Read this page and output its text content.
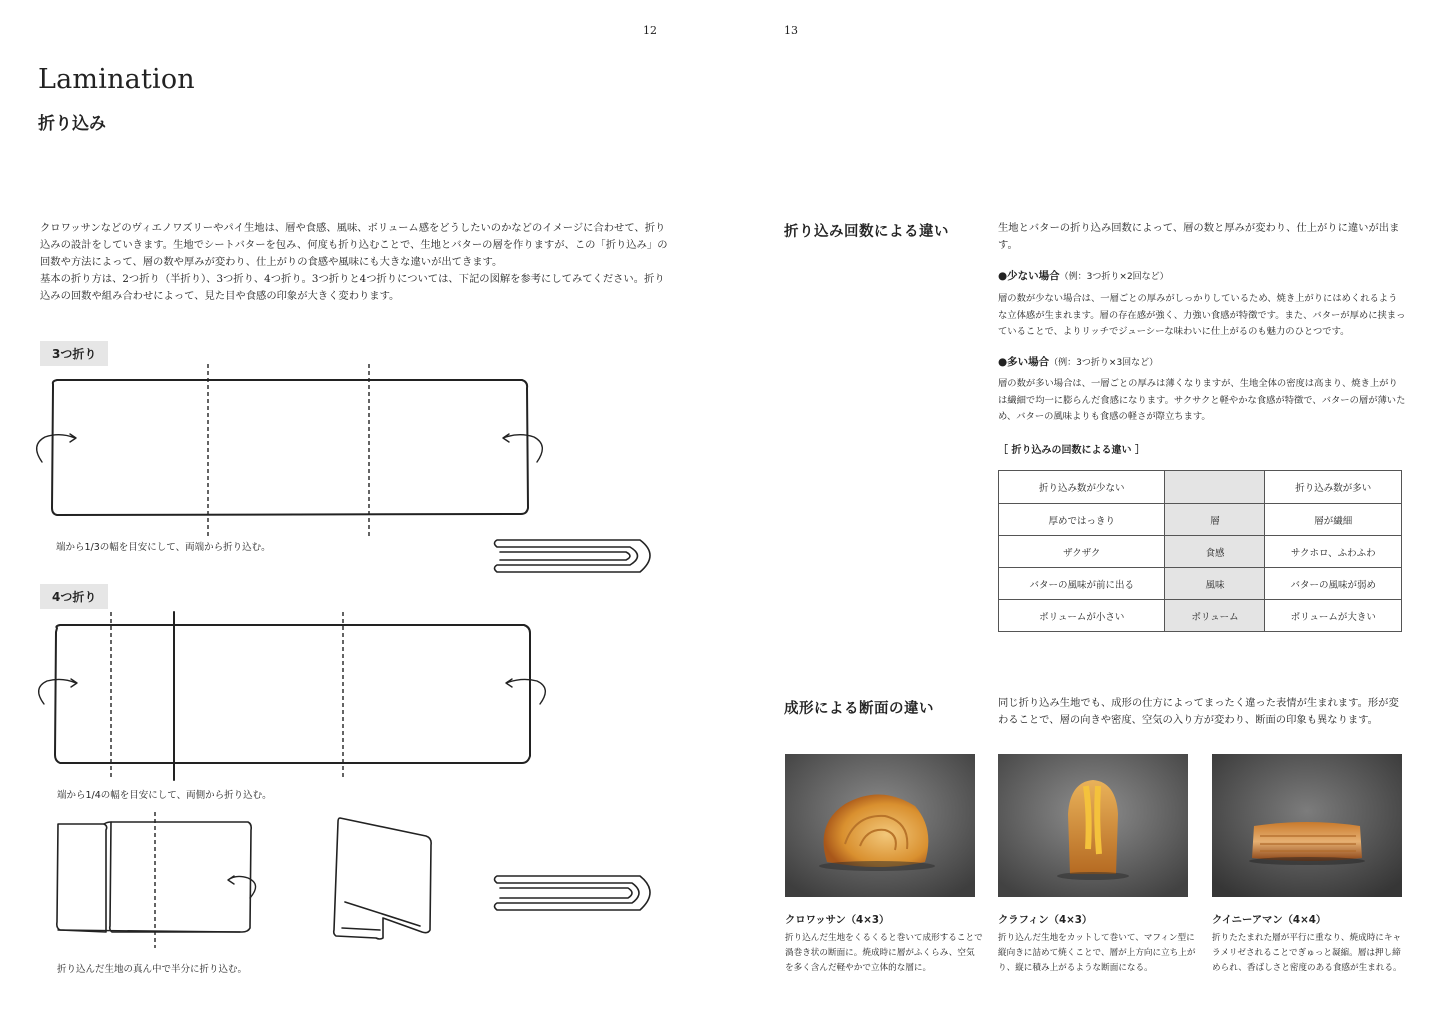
12	13
Lamination
折り込み

クロワッサンなどのヴィエノワズリーやパイ生地は、層や食感、風味、ボリューム感をどうしたいのかなどのイメージに合わせて、折り込みの設計をしていきます。生地でシートバターを包み、何度も折り込むことで、生地とバターの層を作りますが、この「折り込み」の回数や方法によって、層の数や厚みが変わり、仕上がりの食感や風味にも大きな違いが出てきます。

基本の折り方は、2つ折り（半折り）、3つ折り、4つ折り。3つ折りと4つ折りについては、下記の図解を参考にしてみてください。折り込みの回数や組み合わせによって、見た目や食感の印象が大きく変わります。

3つ折り
端から1/3の幅を目安にして、両端から折り込む。
4つ折り
端から1/4の幅を目安にして、両側から折り込む。
折り込んだ生地の真ん中で半分に折り込む。
折り込み回数による違い	生地とバターの折り込み回数によって、層の数と厚みが変わり、仕上がりに違いが出ます。
●少ない場合（例：3つ折り×2回など）
層の数が少ない場合は、一層ごとの厚みがしっかりしているため、焼き上がりにはめくれるような立体感が生まれます。層の存在感が強く、力強い食感が特徴です。また、バターが厚めに挟まっていることで、よりリッチでジューシーな味わいに仕上がるのも魅力のひとつです。
●多い場合（例：3つ折り×3回など）
層の数が多い場合は、一層ごとの厚みは薄くなりますが、生地全体の密度は高まり、焼き上がりは繊細で均一に膨らんだ食感になります。サクサクと軽やかな食感が特徴で、バターの層が薄いため、バターの風味よりも食感の軽さが際立ちます。
［ 折り込みの回数による違い ］
折り込み数が少ない		折り込み数が多い
厚めではっきり	層	層が繊細
ザクザク	食感	サクホロ、ふわふわ
バターの風味が前に出る	風味	バターの風味が弱め
ボリュームが小さい	ボリューム	ボリュームが大きい
成形による断面の違い	同じ折り込み生地でも、成形の仕方によってまったく違った表情が生まれます。形が変わることで、層の向きや密度、空気の入り方が変わり、断面の印象も異なります。
クロワッサン（4×3）
折り込んだ生地をくるくると巻いて成形することで渦巻き状の断面に。焼成時に層がふくらみ、空気を多く含んだ軽やかで立体的な層に。
クラフィン（4×3）
折り込んだ生地をカットして巻いて、マフィン型に縦向きに詰めて焼くことで、層が上方向に立ち上がり、縦に積み上がるような断面になる。
クイニーアマン（4×4）
折りたたまれた層が平行に重なり、焼成時にキャラメリゼされることでぎゅっと凝縮。層は押し締められ、香ばしさと密度のある食感が生まれる。
